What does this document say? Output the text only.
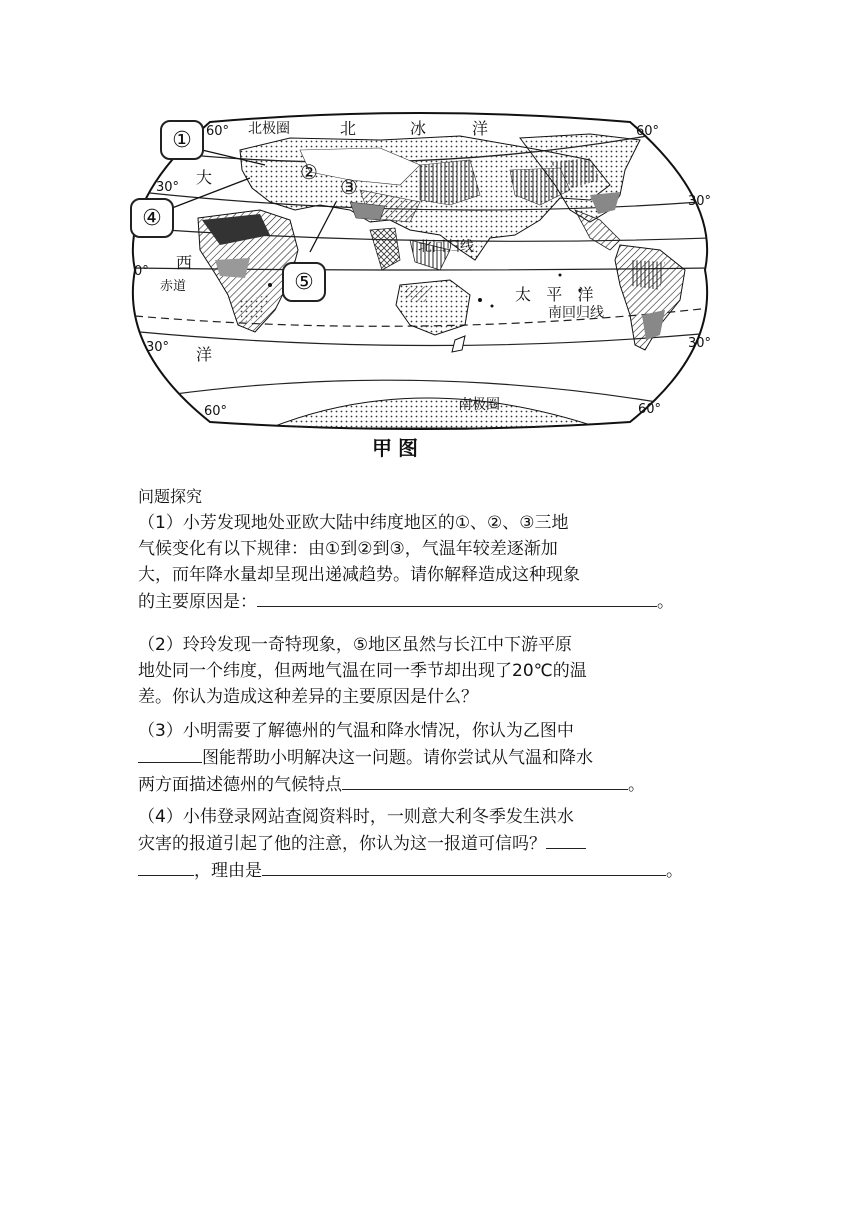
①
④
⑤
②
③
北极圈	北	冰	洋
大
西
洋
北回归线
赤道	太   平   洋
南回归线
南极圈
60°	60°
30°
30°
0°
30°	30°
60°	60°
甲图
问题探究
（1）小芳发现地处亚欧大陆中纬度地区的①、②、③三地
气候变化有以下规律：由①到②到③，气温年较差逐渐加
大，而年降水量却呈现出递减趋势。请你解释造成这种现象
的主要原因是：	。
（2）玲玲发现一奇特现象，⑤地区虽然与长江中下游平原
地处同一个纬度，但两地气温在同一季节却出现了20℃的温
差。你认为造成这种差异的主要原因是什么？
（3）小明需要了解德州的气温和降水情况，你认为乙图中
图能帮助小明解决这一问题。请你尝试从气温和降水
两方面描述德州的气候特点	。
（4）小伟登录网站查阅资料时，一则意大利冬季发生洪水
灾害的报道引起了他的注意，你认为这一报道可信吗？
，理由是	。
